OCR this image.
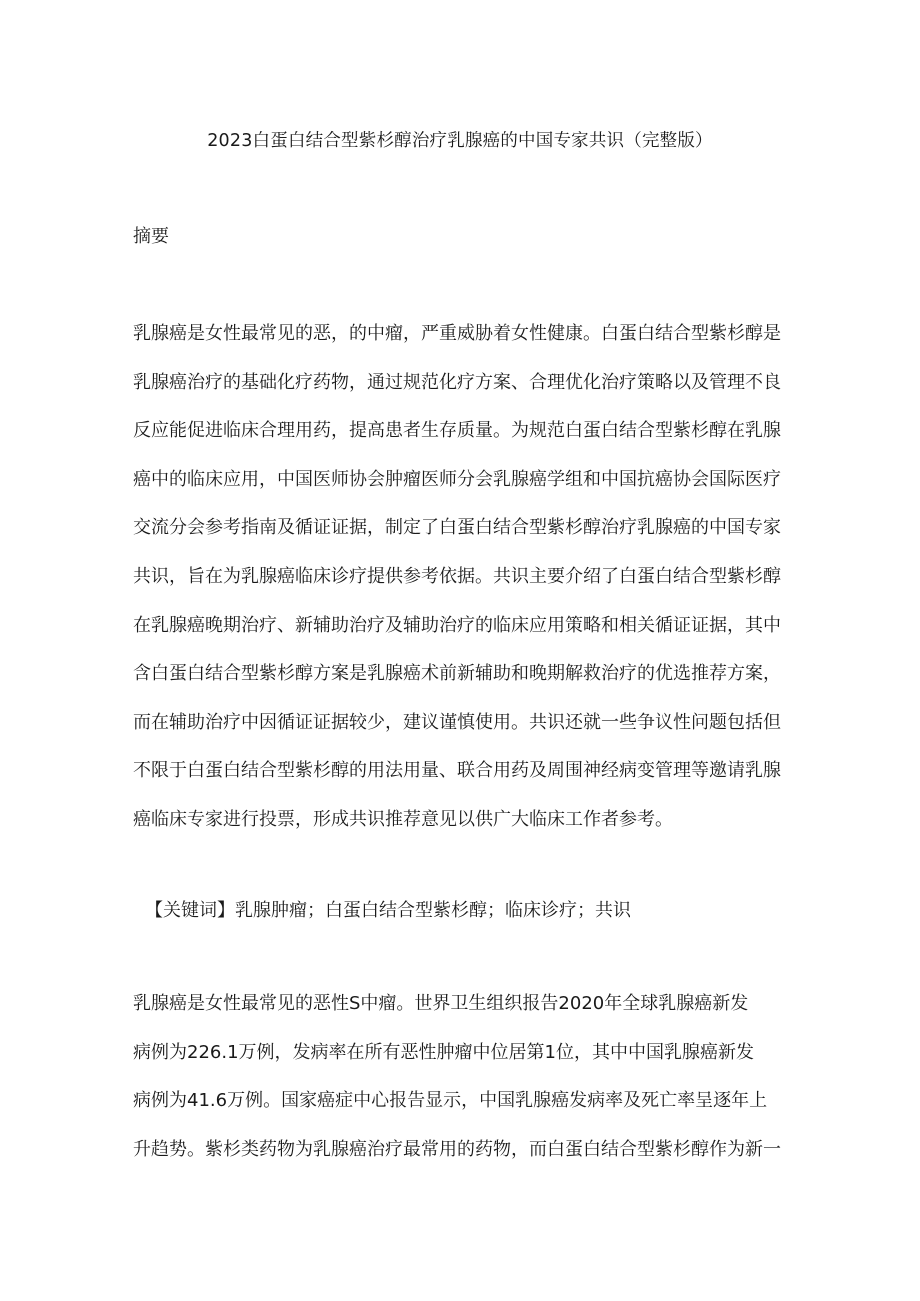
2023白蛋白结合型紫杉醇治疗乳腺癌的中国专家共识（完整版）
摘要
乳腺癌是女性最常见的恶，的中瘤，严重威胁着女性健康。白蛋白结合型紫杉醇是
乳腺癌治疗的基础化疗药物，通过规范化疗方案、合理优化治疗策略以及管理不良
反应能促进临床合理用药，提高患者生存质量。为规范白蛋白结合型紫杉醇在乳腺
癌中的临床应用，中国医师协会肿瘤医师分会乳腺癌学组和中国抗癌协会国际医疗
交流分会参考指南及循证证据，制定了白蛋白结合型紫杉醇治疗乳腺癌的中国专家
共识，旨在为乳腺癌临床诊疗提供参考依据。共识主要介绍了白蛋白结合型紫杉醇
在乳腺癌晚期治疗、新辅助治疗及辅助治疗的临床应用策略和相关循证证据，其中
含白蛋白结合型紫杉醇方案是乳腺癌术前新辅助和晚期解救治疗的优选推荐方案，
而在辅助治疗中因循证证据较少，建议谨慎使用。共识还就一些争议性问题包括但
不限于白蛋白结合型紫杉醇的用法用量、联合用药及周围神经病变管理等邀请乳腺
癌临床专家进行投票，形成共识推荐意见以供广大临床工作者参考。
【关键词】乳腺肿瘤；白蛋白结合型紫杉醇；临床诊疗；共识
乳腺癌是女性最常见的恶性S中瘤。世界卫生组织报告2020年全球乳腺癌新发
病例为226.1万例，发病率在所有恶性肿瘤中位居第1位，其中中国乳腺癌新发
病例为41.6万例。国家癌症中心报告显示，中国乳腺癌发病率及死亡率呈逐年上
升趋势。紫杉类药物为乳腺癌治疗最常用的药物，而白蛋白结合型紫杉醇作为新一
